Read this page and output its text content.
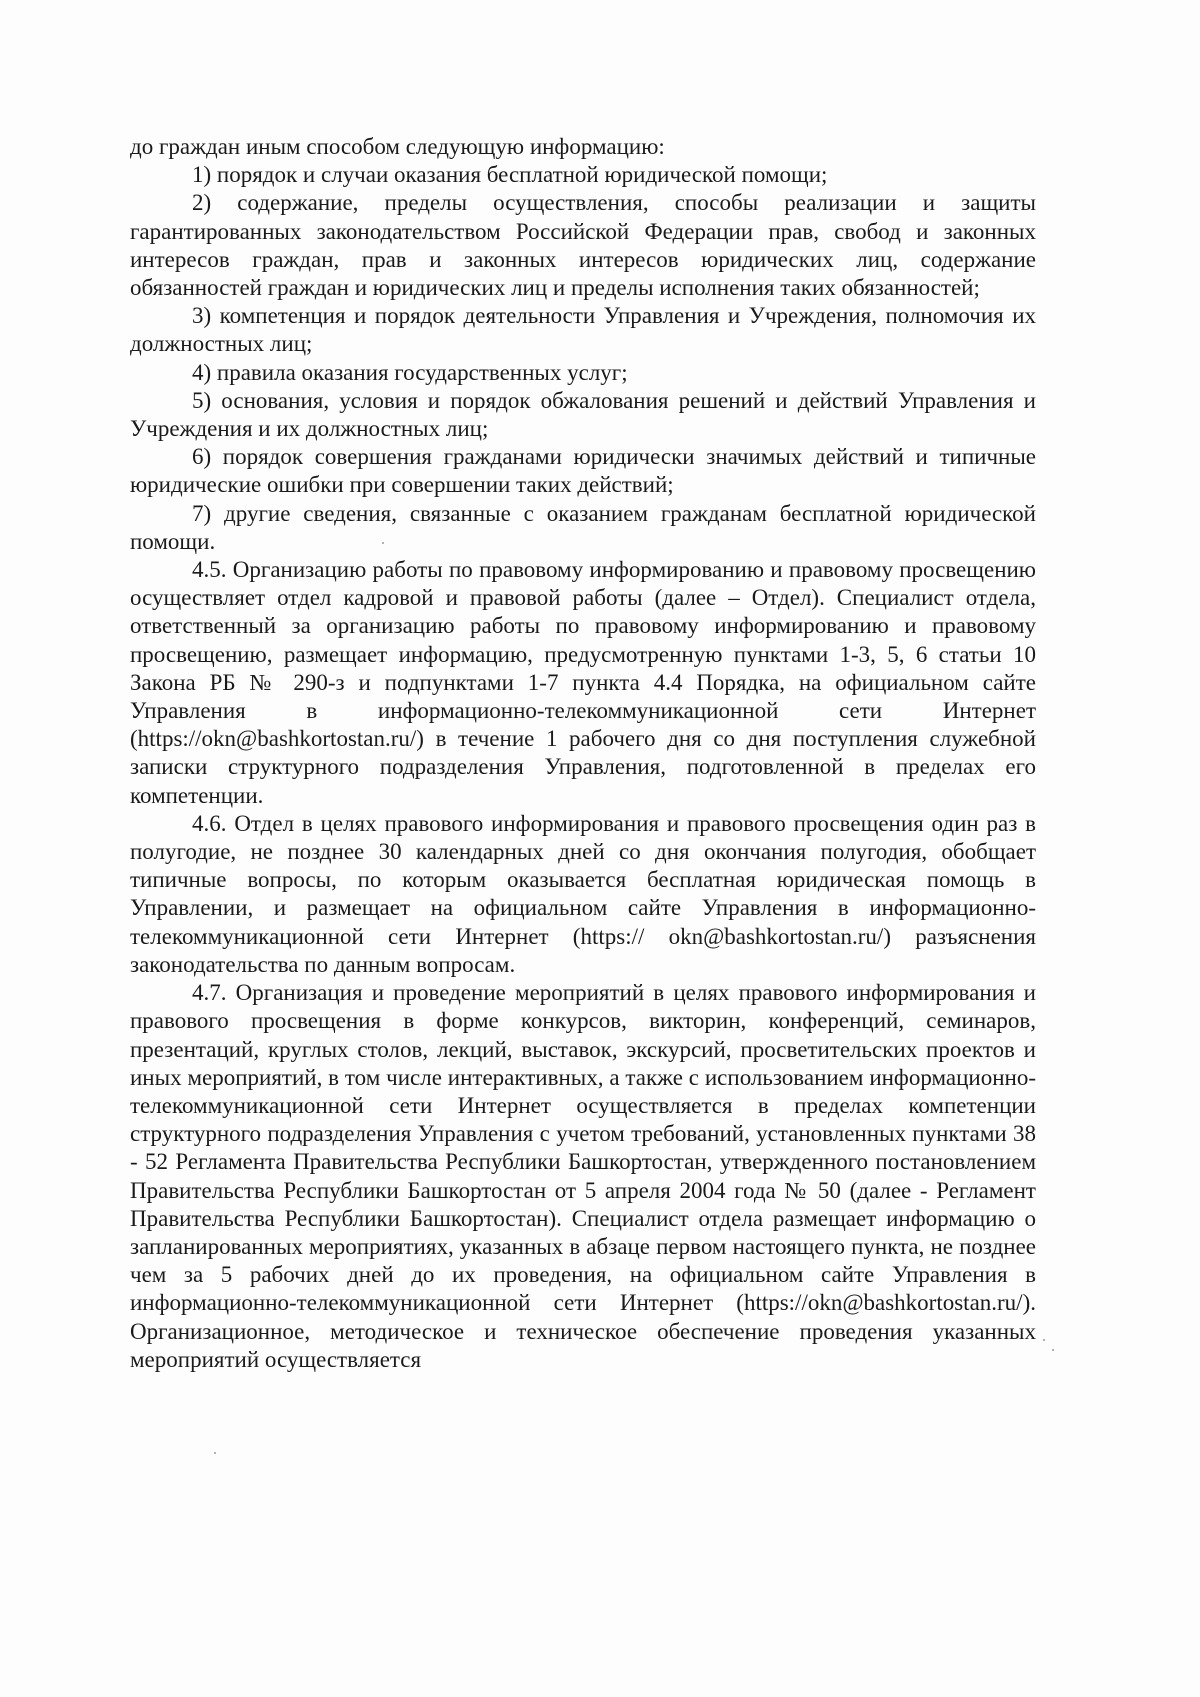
до граждан иным способом следующую информацию:

1) порядок и случаи оказания бесплатной юридической помощи;

2) содержание, пределы осуществления, способы реализации и защиты гарантированных законодательством Российской Федерации прав, свобод и законных интересов граждан, прав и законных интересов юридических лиц, содержание обязанностей граждан и юридических лиц и пределы исполнения таких обязанностей;

3) компетенция и порядок деятельности Управления и Учреждения, полномочия их должностных лиц;

4) правила оказания государственных услуг;

5) основания, условия и порядок обжалования решений и действий Управления и Учреждения и их должностных лиц;

6) порядок совершения гражданами юридически значимых действий и типичные юридические ошибки при совершении таких действий;

7) другие сведения, связанные с оказанием гражданам бесплатной юридической помощи.

4.5. Организацию работы по правовому информированию и правовому просвещению осуществляет отдел кадровой и правовой работы (далее – Отдел). Специалист отдела, ответственный за организацию работы по правовому информированию и правовому просвещению, размещает информацию, предусмотренную пунктами 1-3, 5, 6 статьи 10 Закона РБ № 290-з и подпунктами 1-7 пункта 4.4 Порядка, на официальном сайте Управления в информационно-телекоммуникационной сети Интернет (https://okn@bashkortostan.ru/) в течение 1 рабочего дня со дня поступления служебной записки структурного подразделения Управления, подготовленной в пределах его компетенции.

4.6. Отдел в целях правового информирования и правового просвещения один раз в полугодие, не позднее 30 календарных дней со дня окончания полугодия, обобщает типичные вопросы, по которым оказывается бесплатная юридическая помощь в Управлении, и размещает на официальном сайте Управления в информационно-телекоммуникационной сети Интернет (https:// okn@bashkortostan.ru/) разъяснения законодательства по данным вопросам.

4.7. Организация и проведение мероприятий в целях правового информирования и правового просвещения в форме конкурсов, викторин, конференций, семинаров, презентаций, круглых столов, лекций, выставок, экскурсий, просветительских проектов и иных мероприятий, в том числе интерактивных, а также с использованием информационно-телекоммуникационной сети Интернет осуществляется в пределах компетенции структурного подразделения Управления с учетом требований, установленных пунктами 38 - 52 Регламента Правительства Республики Башкортостан, утвержденного постановлением Правительства Республики Башкортостан от 5 апреля 2004 года № 50 (далее - Регламент Правительства Республики Башкортостан). Специалист отдела размещает информацию о запланированных мероприятиях, указанных в абзаце первом настоящего пункта, не позднее чем за 5 рабочих дней до их проведения, на официальном сайте Управления в информационно-телекоммуникационной сети Интернет (https://okn@bashkortostan.ru/). Организационное, методическое и техническое обеспечение проведения указанных мероприятий осуществляется
